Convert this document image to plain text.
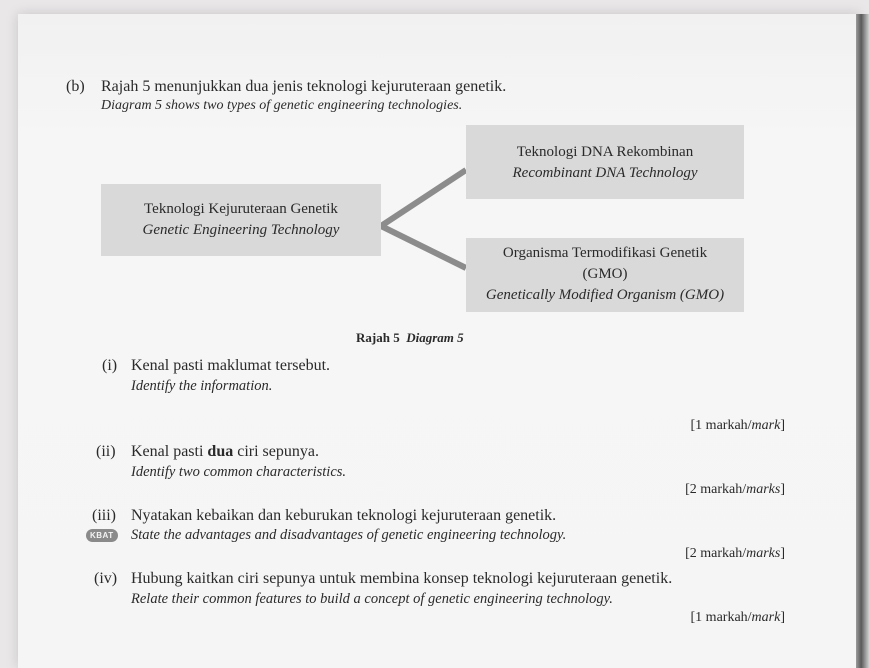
(b) Rajah 5 menunjukkan dua jenis teknologi kejuruteraan genetik.
Diagram 5 shows two types of genetic engineering technologies.
Teknologi Kejuruteraan Genetik
Genetic Engineering Technology
Teknologi DNA Rekombinan
Recombinant DNA Technology
Organisma Termodifikasi Genetik
(GMO)
Genetically Modified Organism (GMO)
Rajah 5 Diagram 5
(i) Kenal pasti maklumat tersebut.
Identify the information.
[1 markah/mark]
(ii) Kenal pasti dua ciri sepunya.
Identify two common characteristics.
[2 markah/marks]
(iii) Nyatakan kebaikan dan keburukan teknologi kejuruteraan genetik.
KBAT State the advantages and disadvantages of genetic engineering technology.
[2 markah/marks]
(iv) Hubung kaitkan ciri sepunya untuk membina konsep teknologi kejuruteraan genetik.
Relate their common features to build a concept of genetic engineering technology.
[1 markah/mark]
